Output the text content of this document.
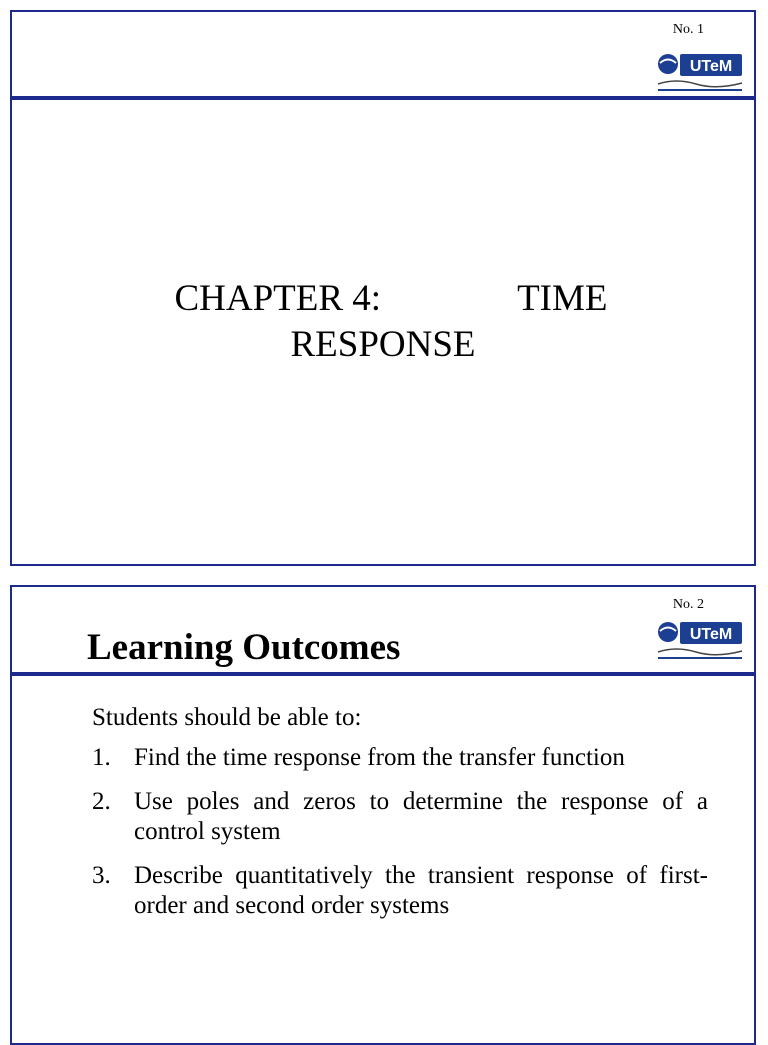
No. 1
UTeM
CHAPTER 4:	TIME
RESPONSE
No. 2
Learning Outcomes	UTeM

Students should be able to:

1. Find the time response from the transfer function
2. Use poles and zeros to determine the response of a control system
3. Describe quantitatively the transient response of first-order and second order systems
